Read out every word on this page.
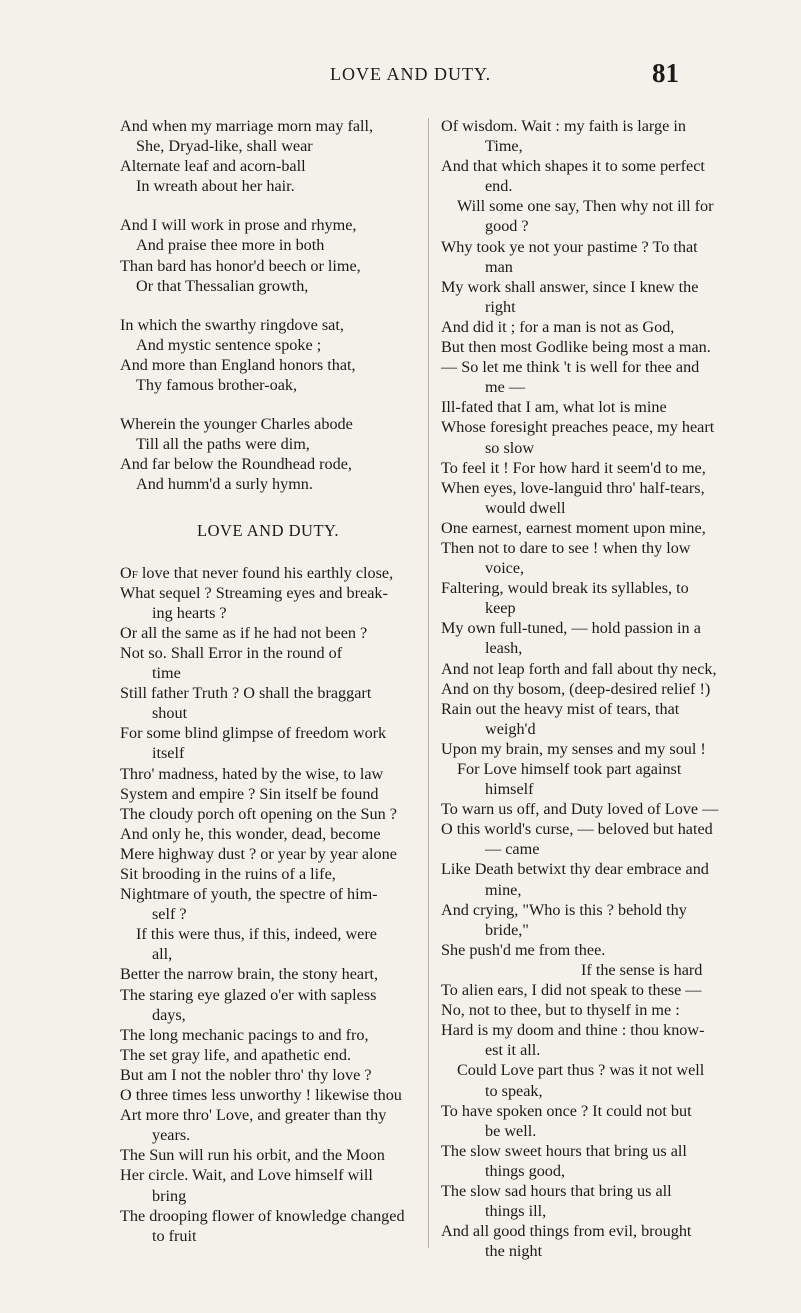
LOVE AND DUTY.	81
And when my marriage morn may fall,
She, Dryad-like, shall wear
Alternate leaf and acorn-ball
In wreath about her hair.
And I will work in prose and rhyme,
And praise thee more in both
Than bard has honor'd beech or lime,
Or that Thessalian growth,
In which the swarthy ringdove sat,
And mystic sentence spoke ;
And more than England honors that,
Thy famous brother-oak,
Wherein the younger Charles abode
Till all the paths were dim,
And far below the Roundhead rode,
And humm'd a surly hymn.
LOVE AND DUTY.
Of love that never found his earthly close,
What sequel ? Streaming eyes and break-
ing hearts ?
Or all the same as if he had not been ?
Not so. Shall Error in the round of
time
Still father Truth ? O shall the braggart
shout
For some blind glimpse of freedom work
itself
Thro' madness, hated by the wise, to law
System and empire ? Sin itself be found
The cloudy porch oft opening on the Sun ?
And only he, this wonder, dead, become
Mere highway dust ? or year by year alone
Sit brooding in the ruins of a life,
Nightmare of youth, the spectre of him-
self ?
If this were thus, if this, indeed, were
all,
Better the narrow brain, the stony heart,
The staring eye glazed o'er with sapless
days,
The long mechanic pacings to and fro,
The set gray life, and apathetic end.
But am I not the nobler thro' thy love ?
O three times less unworthy ! likewise thou
Art more thro' Love, and greater than thy
years.
The Sun will run his orbit, and the Moon
Her circle. Wait, and Love himself will
bring
The drooping flower of knowledge changed
to fruit
Of wisdom. Wait : my faith is large in
Time,
And that which shapes it to some perfect
end.
Will some one say, Then why not ill for
good ?
Why took ye not your pastime ? To that
man
My work shall answer, since I knew the
right
And did it ; for a man is not as God,
But then most Godlike being most a man.
— So let me think 't is well for thee and
me —
Ill-fated that I am, what lot is mine
Whose foresight preaches peace, my heart
so slow
To feel it ! For how hard it seem'd to me,
When eyes, love-languid thro' half-tears,
would dwell
One earnest, earnest moment upon mine,
Then not to dare to see ! when thy low
voice,
Faltering, would break its syllables, to
keep
My own full-tuned, — hold passion in a
leash,
And not leap forth and fall about thy neck,
And on thy bosom, (deep-desired relief !)
Rain out the heavy mist of tears, that
weigh'd
Upon my brain, my senses and my soul !
For Love himself took part against
himself
To warn us off, and Duty loved of Love —
O this world's curse, — beloved but hated
— came
Like Death betwixt thy dear embrace and
mine,
And crying, "Who is this ? behold thy
bride,"
She push'd me from thee.
If the sense is hard
To alien ears, I did not speak to these —
No, not to thee, but to thyself in me :
Hard is my doom and thine : thou know-
est it all.
Could Love part thus ? was it not well
to speak,
To have spoken once ? It could not but
be well.
The slow sweet hours that bring us all
things good,
The slow sad hours that bring us all
things ill,
And all good things from evil, brought
the night
